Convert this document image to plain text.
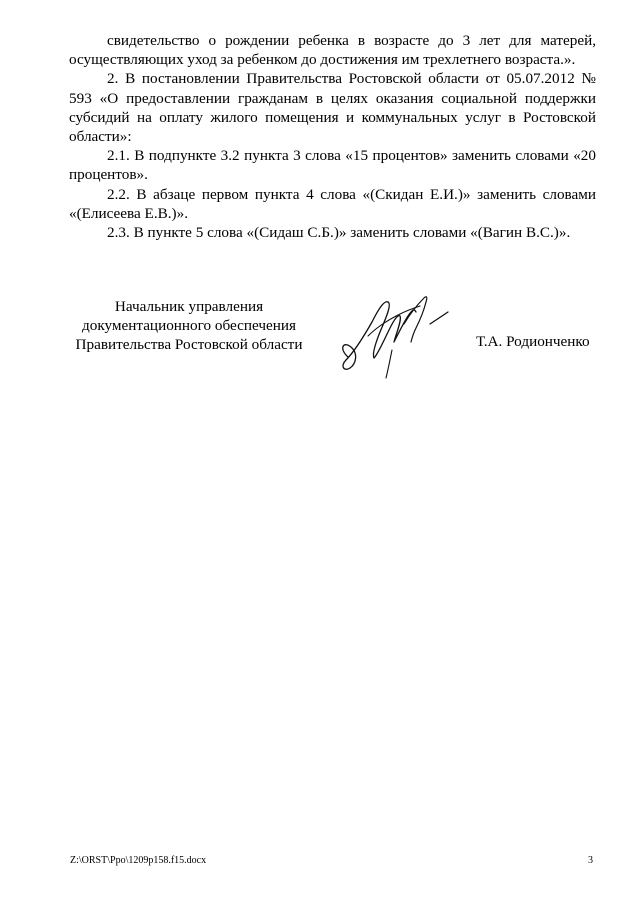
свидетельство о рождении ребенка в возрасте до 3 лет для матерей, осуществляющих уход за ребенком до достижения им трехлетнего возраста.».

2. В постановлении Правительства Ростовской области от 05.07.2012 № 593 «О предоставлении гражданам в целях оказания социальной поддержки субсидий на оплату жилого помещения и коммунальных услуг в Ростовской области»:

2.1. В подпункте 3.2 пункта 3 слова «15 процентов» заменить словами «20 процентов».

2.2. В абзаце первом пункта 4 слова «(Скидан Е.И.)» заменить словами «(Елисеева Е.В.)».

2.3. В пункте 5 слова «(Сидаш С.Б.)» заменить словами «(Вагин В.С.)».

Начальник управления
документационного обеспечения
Правительства Ростовской области	Т.А. Родионченко
Z:\ORST\Ppo\1209p158.f15.docx	3
